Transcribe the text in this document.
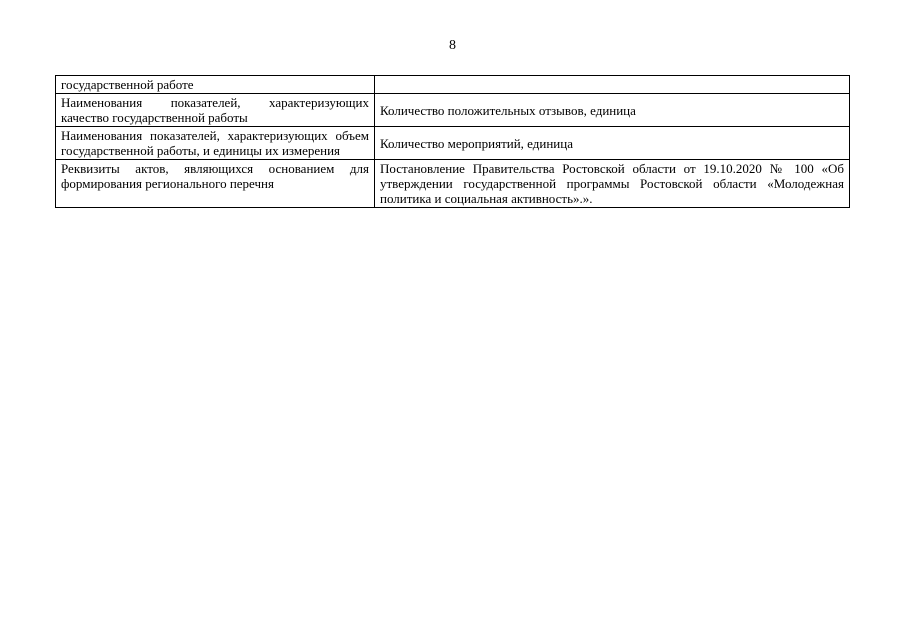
8
государственной работе	

Наименования показателей, характеризующих качество государственной работы	Количество положительных отзывов, единица

Наименования показателей, характеризующих объем государственной работы, и единицы их измерения	Количество мероприятий, единица

Реквизиты актов, являющихся основанием для формирования регионального перечня	Постановление Правительства Ростовской области от 19.10.2020 № 100 «Об утверждении государственной программы Ростовской области «Молодежная политика и социальная активность».».
